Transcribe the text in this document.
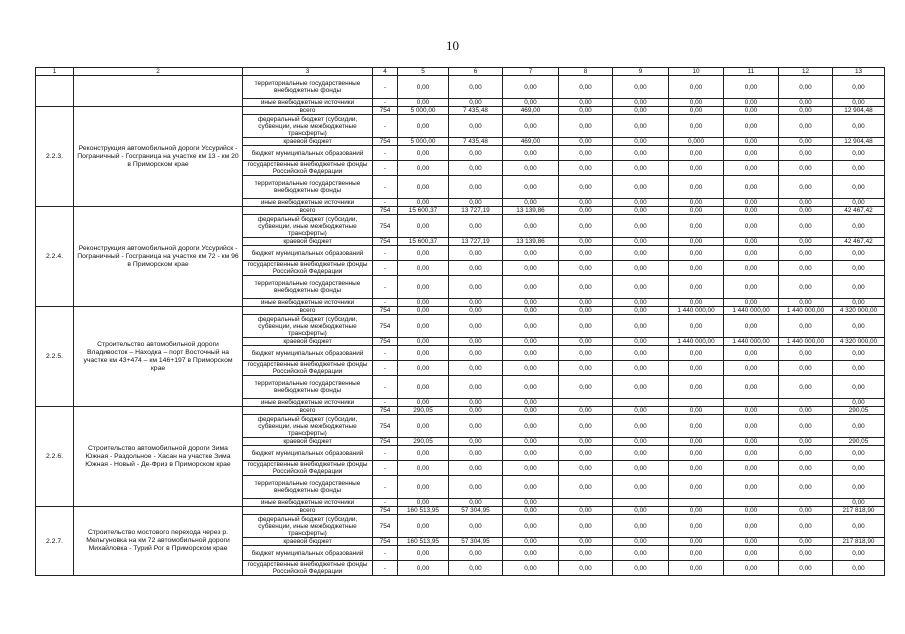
10
1	2	3	4	5	6	7	8	9	10	11	12	13
		территориальные государственные внебюджетные фонды	-	0,00	0,00	0,00	0,00	0,00	0,00	0,00	0,00	0,00
		иные внебюджетные источники	-	0,00	0,00	0,00	0,00	0,00	0,00	0,00	0,00	0,00
2.2.3.	Реконструкция автомобильной дороги Уссурийск - Пограничный - Госграница на участке км 13 - км 20 в Приморском крае	всего	754	5 000,00	7 435,48	469,00	0,00	0,00	0,00	0,00	0,00	12 904,48
		федеральный бюджет (субсидии, субвенции, иные межбюджетные трансферты)	-	0,00	0,00	0,00	0,00	0,00	0,00	0,00	0,00	0,00
		краевой бюджет	754	5 000,00	7 435,48	469,00	0,00	0,00	0,000	0,00	0,00	12 904,48
		бюджет муниципальных образований	-	0,00	0,00	0,00	0,00	0,00	0,00	0,00	0,00	0,00
		государственные внебюджетные фонды Российской Федерации	-	0,00	0,00	0,00	0,00	0,00	0,00	0,00	0,00	0,00
		территориальные государственные внебюджетные фонды	-	0,00	0,00	0,00	0,00	0,00	0,00	0,00	0,00	0,00
		иные внебюджетные источники	-	0,00	0,00	0,00	0,00	0,00	0,00	0,00	0,00	0,00
2.2.4.	Реконструкция автомобильной дороги Уссурийск - Пограничный - Госграница на участке км 72 - км 96 в Приморском крае	всего	754	15 600,37	13 727,19	13 139,86	0,00	0,00	0,00	0,00	0,00	42 467,42
		федеральный бюджет (субсидии, субвенции, иные межбюджетные трансферты)	754	0,00	0,00	0,00	0,00	0,00	0,00	0,00	0,00	0,00
		краевой бюджет	754	15 600,37	13 727,19	13 139,86	0,00	0,00	0,00	0,00	0,00	42 467,42
		бюджет муниципальных образований	-	0,00	0,00	0,00	0,00	0,00	0,00	0,00	0,00	0,00
		государственные внебюджетные фонды Российской Федерации	-	0,00	0,00	0,00	0,00	0,00	0,00	0,00	0,00	0,00
		территориальные государственные внебюджетные фонды	-	0,00	0,00	0,00	0,00	0,00	0,00	0,00	0,00	0,00
		иные внебюджетные источники	-	0,00	0,00	0,00	0,00	0,00	0,00	0,00	0,00	0,00
2.2.5.	Строительство автомобильной дороги Владивосток – Находка – порт Восточный на участке км 43+474 – км 146+197 в Приморском крае	всего	754	0,00	0,00	0,00	0,00	0,00	1 440 000,00	1 440 000,00	1 440 000,00	4 320 000,00
		федеральный бюджет (субсидии, субвенции, иные межбюджетные трансферты)	754	0,00	0,00	0,00	0,00	0,00	0,00	0,00	0,00	0,00
		краевой бюджет	754	0,00	0,00	0,00	0,00	0,00	1 440 000,00	1 440 000,00	1 440 000,00	4 320 000,00
		бюджет муниципальных образований	-	0,00	0,00	0,00	0,00	0,00	0,00	0,00	0,00	0,00
		государственные внебюджетные фонды Российской Федерации	-	0,00	0,00	0,00	0,00	0,00	0,00	0,00	0,00	0,00
		территориальные государственные внебюджетные фонды	-	0,00	0,00	0,00	0,00	0,00	0,00	0,00	0,00	0,00
		иные внебюджетные источники	-	0,00	0,00	0,00						0,00
2.2.6.	Строительство автомобильной дороги Зима Южная - Раздольное - Хасан на участке Зима Южная - Новый - Де-Фриз в Приморском крае	всего	754	290,05	0,00	0,00	0,00	0,00	0,00	0,00	0,00	290,05
		федеральный бюджет (субсидии, субвенции, иные межбюджетные трансферты)	754	0,00	0,00	0,00	0,00	0,00	0,00	0,00	0,00	0,00
		краевой бюджет	754	290,05	0,00	0,00	0,00	0,00	0,00	0,00	0,00	290,05
		бюджет муниципальных образований	-	0,00	0,00	0,00	0,00	0,00	0,00	0,00	0,00	0,00
		государственные внебюджетные фонды Российской Федерации	-	0,00	0,00	0,00	0,00	0,00	0,00	0,00	0,00	0,00
		территориальные государственные внебюджетные фонды	-	0,00	0,00	0,00	0,00	0,00	0,00	0,00	0,00	0,00
		иные внебюджетные источники	-	0,00	0,00	0,00						0,00
2.2.7.	Строительство мостового перехода через р. Мельгуновка на км 72 автомобильной дороги Михайловка - Турий Рог в Приморском крае	всего	754	160 513,95	57 304,95	0,00	0,00	0,00	0,00	0,00	0,00	217 818,90
		федеральный бюджет (субсидии, субвенции, иные межбюджетные трансферты)	754	0,00	0,00	0,00	0,00	0,00	0,00	0,00	0,00	0,00
		краевой бюджет	754	160 513,95	57 304,95	0,00	0,00	0,00	0,00	0,00	0,00	217 818,90
		бюджет муниципальных образований	-	0,00	0,00	0,00	0,00	0,00	0,00	0,00	0,00	0,00
		государственные внебюджетные фонды Российской Федерации	-	0,00	0,00	0,00	0,00	0,00	0,00	0,00	0,00	0,00
